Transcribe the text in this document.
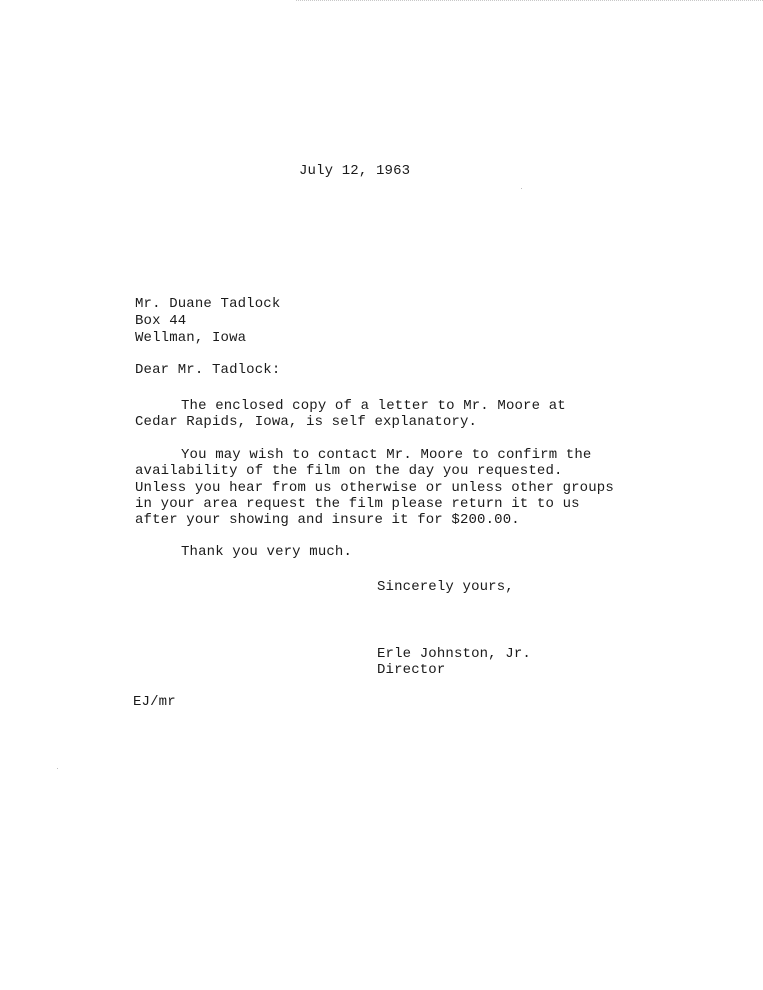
July 12, 1963
Mr. Duane Tadlock
Box 44
Wellman, Iowa
Dear Mr. Tadlock:
The enclosed copy of a letter to Mr. Moore at
Cedar Rapids, Iowa, is self explanatory.
You may wish to contact Mr. Moore to confirm the
availability of the film on the day you requested.
Unless you hear from us otherwise or unless other groups
in your area request the film please return it to us
after your showing and insure it for $200.00.
Thank you very much.
Sincerely yours,
Erle Johnston, Jr.
Director
EJ/mr
